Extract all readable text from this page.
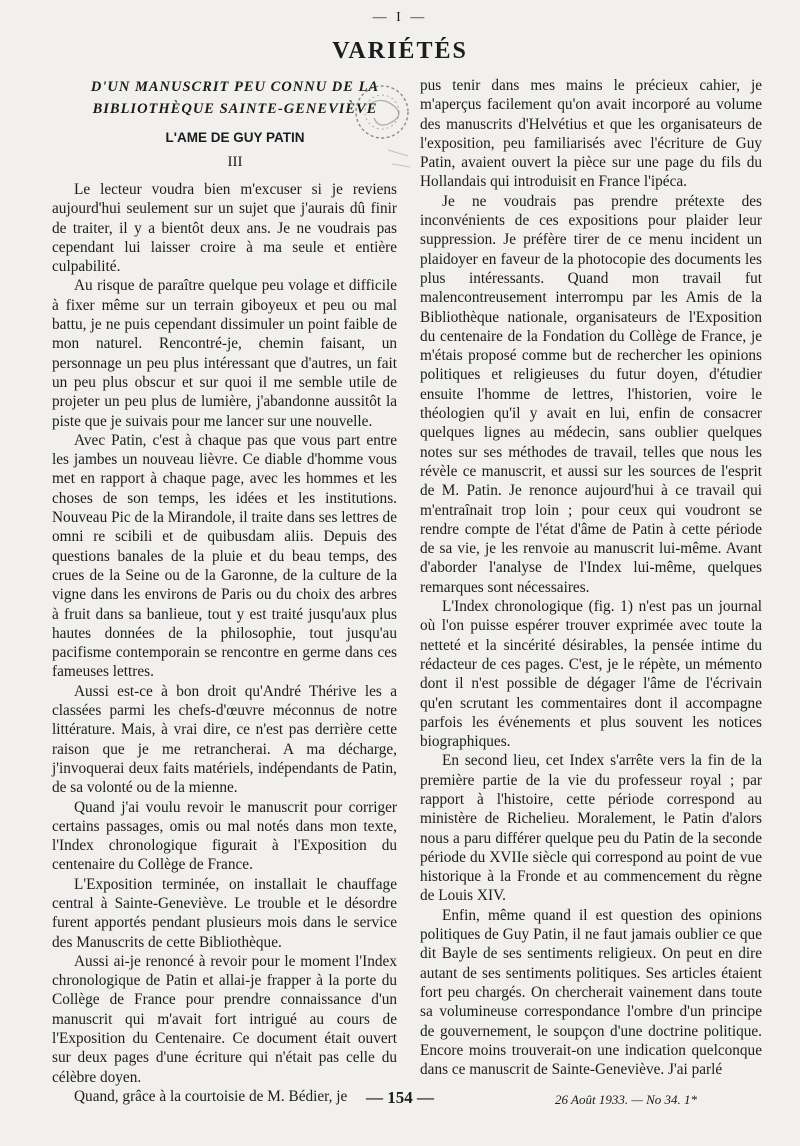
— I —
VARIÉTÉS
D'UN MANUSCRIT PEU CONNU DE LA
BIBLIOTHÈQUE SAINTE-GENEVIÈVE
L'AME DE GUY PATIN
III

Le lecteur voudra bien m'excuser si je reviens aujourd'hui seulement sur un sujet que j'aurais dû finir de traiter, il y a bientôt deux ans. Je ne voudrais pas cependant lui laisser croire à ma seule et entière culpabilité.

Au risque de paraître quelque peu volage et difficile à fixer même sur un terrain giboyeux et peu ou mal battu, je ne puis cependant dissimuler un point faible de mon naturel. Rencontré-je, chemin faisant, un personnage un peu plus intéressant que d'autres, un fait un peu plus obscur et sur quoi il me semble utile de projeter un peu plus de lumière, j'abandonne aussitôt la piste que je suivais pour me lancer sur une nouvelle.

Avec Patin, c'est à chaque pas que vous part entre les jambes un nouveau lièvre. Ce diable d'homme vous met en rapport à chaque page, avec les hommes et les choses de son temps, les idées et les institutions. Nouveau Pic de la Mirandole, il traite dans ses lettres de omni re scibili et de quibusdam aliis. Depuis des questions banales de la pluie et du beau temps, des crues de la Seine ou de la Garonne, de la culture de la vigne dans les environs de Paris ou du choix des arbres à fruit dans sa banlieue, tout y est traité jusqu'aux plus hautes données de la philosophie, tout jusqu'au pacifisme contemporain se rencontre en germe dans ces fameuses lettres.

Aussi est-ce à bon droit qu'André Thérive les a classées parmi les chefs-d'œuvre méconnus de notre littérature. Mais, à vrai dire, ce n'est pas derrière cette raison que je me retrancherai. A ma décharge, j'invoquerai deux faits matériels, indépendants de Patin, de sa volonté ou de la mienne.

Quand j'ai voulu revoir le manuscrit pour corriger certains passages, omis ou mal notés dans mon texte, l'Index chronologique figurait à l'Exposition du centenaire du Collège de France.

L'Exposition terminée, on installait le chauffage central à Sainte-Geneviève. Le trouble et le désordre furent apportés pendant plusieurs mois dans le service des Manuscrits de cette Bibliothèque.

Aussi ai-je renoncé à revoir pour le moment l'Index chronologique de Patin et allai-je frapper à la porte du Collège de France pour prendre connaissance d'un manuscrit qui m'avait fort intrigué au cours de l'Exposition du Centenaire. Ce document était ouvert sur deux pages d'une écriture qui n'était pas celle du célèbre doyen.

Quand, grâce à la courtoisie de M. Bédier, je

pus tenir dans mes mains le précieux cahier, je m'aperçus facilement qu'on avait incorporé au volume des manuscrits d'Helvétius et que les organisateurs de l'exposition, peu familiarisés avec l'écriture de Guy Patin, avaient ouvert la pièce sur une page du fils du Hollandais qui introduisit en France l'ipéca.

Je ne voudrais pas prendre prétexte des inconvénients de ces expositions pour plaider leur suppression. Je préfère tirer de ce menu incident un plaidoyer en faveur de la photocopie des documents les plus intéressants. Quand mon travail fut malencontreusement interrompu par les Amis de la Bibliothèque nationale, organisateurs de l'Exposition du centenaire de la Fondation du Collège de France, je m'étais proposé comme but de rechercher les opinions politiques et religieuses du futur doyen, d'étudier ensuite l'homme de lettres, l'historien, voire le théologien qu'il y avait en lui, enfin de consacrer quelques lignes au médecin, sans oublier quelques notes sur ses méthodes de travail, telles que nous les révèle ce manuscrit, et aussi sur les sources de l'esprit de M. Patin. Je renonce aujourd'hui à ce travail qui m'entraînait trop loin ; pour ceux qui voudront se rendre compte de l'état d'âme de Patin à cette période de sa vie, je les renvoie au manuscrit lui-même. Avant d'aborder l'analyse de l'Index lui-même, quelques remarques sont nécessaires.

L'Index chronologique (fig. 1) n'est pas un journal où l'on puisse espérer trouver exprimée avec toute la netteté et la sincérité désirables, la pensée intime du rédacteur de ces pages. C'est, je le répète, un mémento dont il n'est possible de dégager l'âme de l'écrivain qu'en scrutant les commentaires dont il accompagne parfois les événements et plus souvent les notices biographiques.

En second lieu, cet Index s'arrête vers la fin de la première partie de la vie du professeur royal ; par rapport à l'histoire, cette période correspond au ministère de Richelieu. Moralement, le Patin d'alors nous a paru différer quelque peu du Patin de la seconde période du XVIIe siècle qui correspond au point de vue historique à la Fronde et au commencement du règne de Louis XIV.

Enfin, même quand il est question des opinions politiques de Guy Patin, il ne faut jamais oublier ce que dit Bayle de ses sentiments religieux. On peut en dire autant de ses sentiments politiques. Ses articles étaient fort peu chargés. On chercherait vainement dans toute sa volumineuse correspondance l'ombre d'un principe de gouvernement, le soupçon d'une doctrine politique. Encore moins trouverait-on une indication quelconque dans ce manuscrit de Sainte-Geneviève. J'ai parlé

— 154 —	26 Août 1933. — No 34. 1*
